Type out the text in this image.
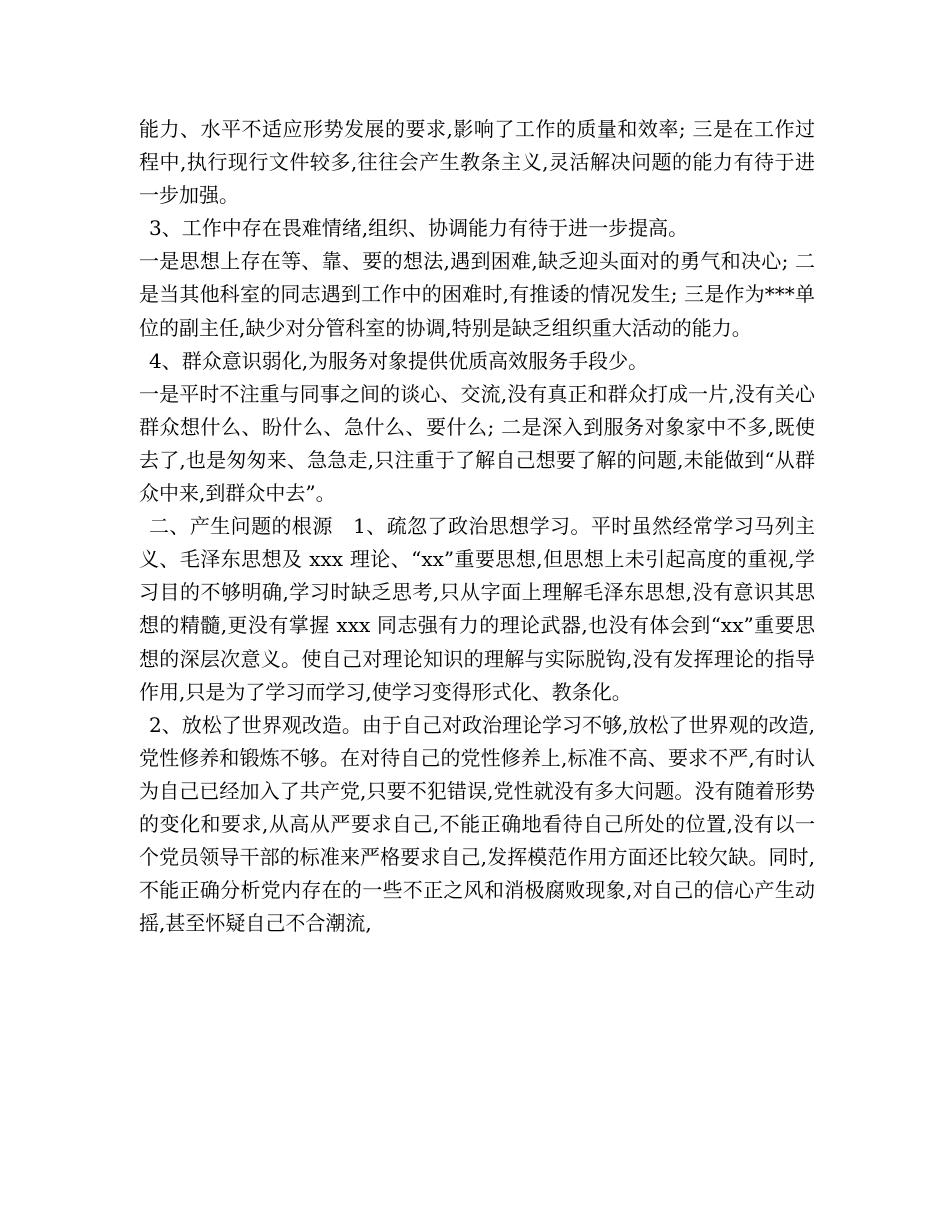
能力、水平不适应形势发展的要求,影响了工作的质量和效率; 三是在工作过程中,执行现行文件较多,往往会产生教条主义,灵活解决问题的能力有待于进一步加强。

3、工作中存在畏难情绪,组织、协调能力有待于进一步提高。

一是思想上存在等、靠、要的想法,遇到困难,缺乏迎头面对的勇气和决心; 二是当其他科室的同志遇到工作中的困难时,有推诿的情况发生; 三是作为***单位的副主任,缺少对分管科室的协调,特别是缺乏组织重大活动的能力。

4、群众意识弱化,为服务对象提供优质高效服务手段少。

一是平时不注重与同事之间的谈心、交流,没有真正和群众打成一片,没有关心群众想什么、盼什么、急什么、要什么; 二是深入到服务对象家中不多,既使去了,也是匆匆来、急急走,只注重于了解自己想要了解的问题,未能做到“从群众中来,到群众中去”。

二、产生问题的根源　1、疏忽了政治思想学习。平时虽然经常学习马列主义、毛泽东思想及 xxx 理论、“xx”重要思想,但思想上未引起高度的重视,学习目的不够明确,学习时缺乏思考,只从字面上理解毛泽东思想,没有意识其思想的精髓,更没有掌握 xxx 同志强有力的理论武器,也没有体会到“xx”重要思想的深层次意义。使自己对理论知识的理解与实际脱钩,没有发挥理论的指导作用,只是为了学习而学习,使学习变得形式化、教条化。

2、放松了世界观改造。由于自己对政治理论学习不够,放松了世界观的改造,党性修养和锻炼不够。在对待自己的党性修养上,标准不高、要求不严,有时认为自己已经加入了共产党,只要不犯错误,党性就没有多大问题。没有随着形势的变化和要求,从高从严要求自己,不能正确地看待自己所处的位置,没有以一个党员领导干部的标准来严格要求自己,发挥模范作用方面还比较欠缺。同时,不能正确分析党内存在的一些不正之风和消极腐败现象,对自己的信心产生动摇,甚至怀疑自己不合潮流,
